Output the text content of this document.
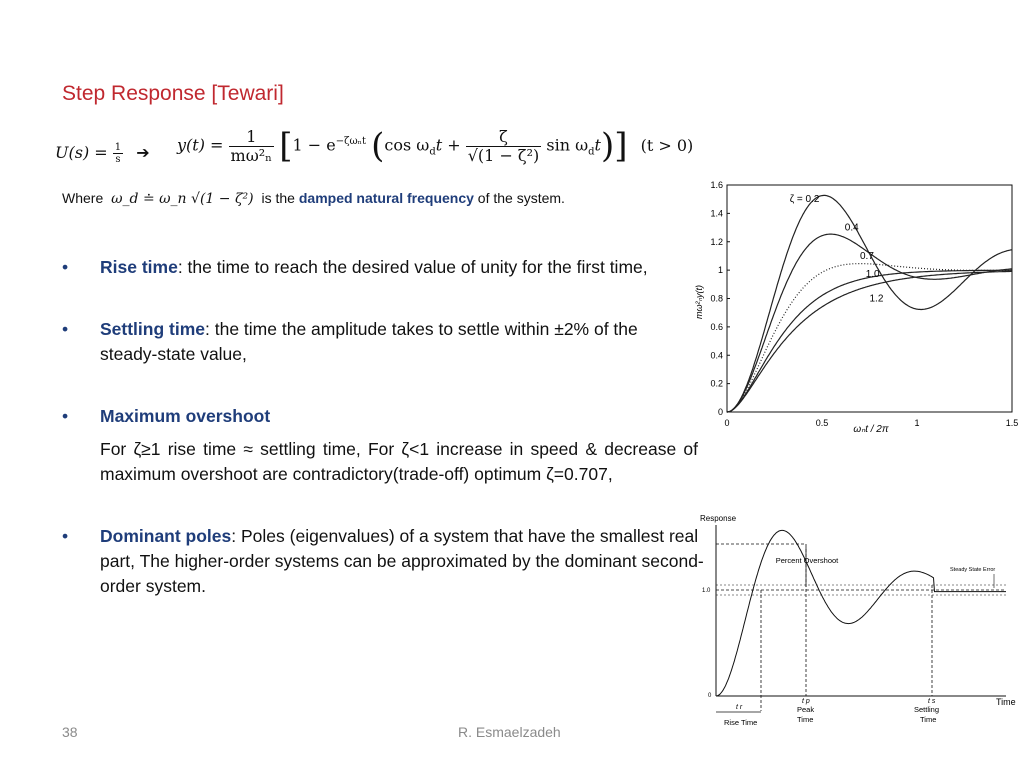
Step Response [Tewari]
$U(s) = \frac{1}{s}$ ➔ $y(t) = \frac{1}{\text{mω²ₙ}} [1 - e^{-\zeta\omega_nt}$ (cos $\omega_dt + \frac{\zeta}{\text{√(1 − ζ²)}}$ $\sin \omega_dt$)] (t > 0)
Where ω_d ≐ ω_n √(1 − ζ²) is the damped natural frequency of the system.
• Rise time: the time to reach the desired value of unity for the first time,
• Settling time: the time the amplitude takes to settle within ±2% of the steady-state value,
• Maximum overshoot
For ζ≥1 rise time ≈ settling time, For ζ<1 increase in speed & decrease of maximum overshoot are contradictory(trade-off) optimum ζ=0.707,
• Dominant poles: Poles (eigenvalues) of a system that have the smallest real part, The higher-order systems can be approximated by the dominant second-order system.
0
0.2
0.4
0.6
0.8
1
1.2
1.4
1.6
0	0.5	1	1.5
ζ = 0.2
0.4
0.7
1.0
1.2
mω²ₙy(t)
ωₙt / 2π
Response
Time
1.0
0
Percent Overshoot
Steady State Error
t r
t p	t s
Rise Time
Peak
Time
Settling
Time
38	R. Esmaelzadeh
